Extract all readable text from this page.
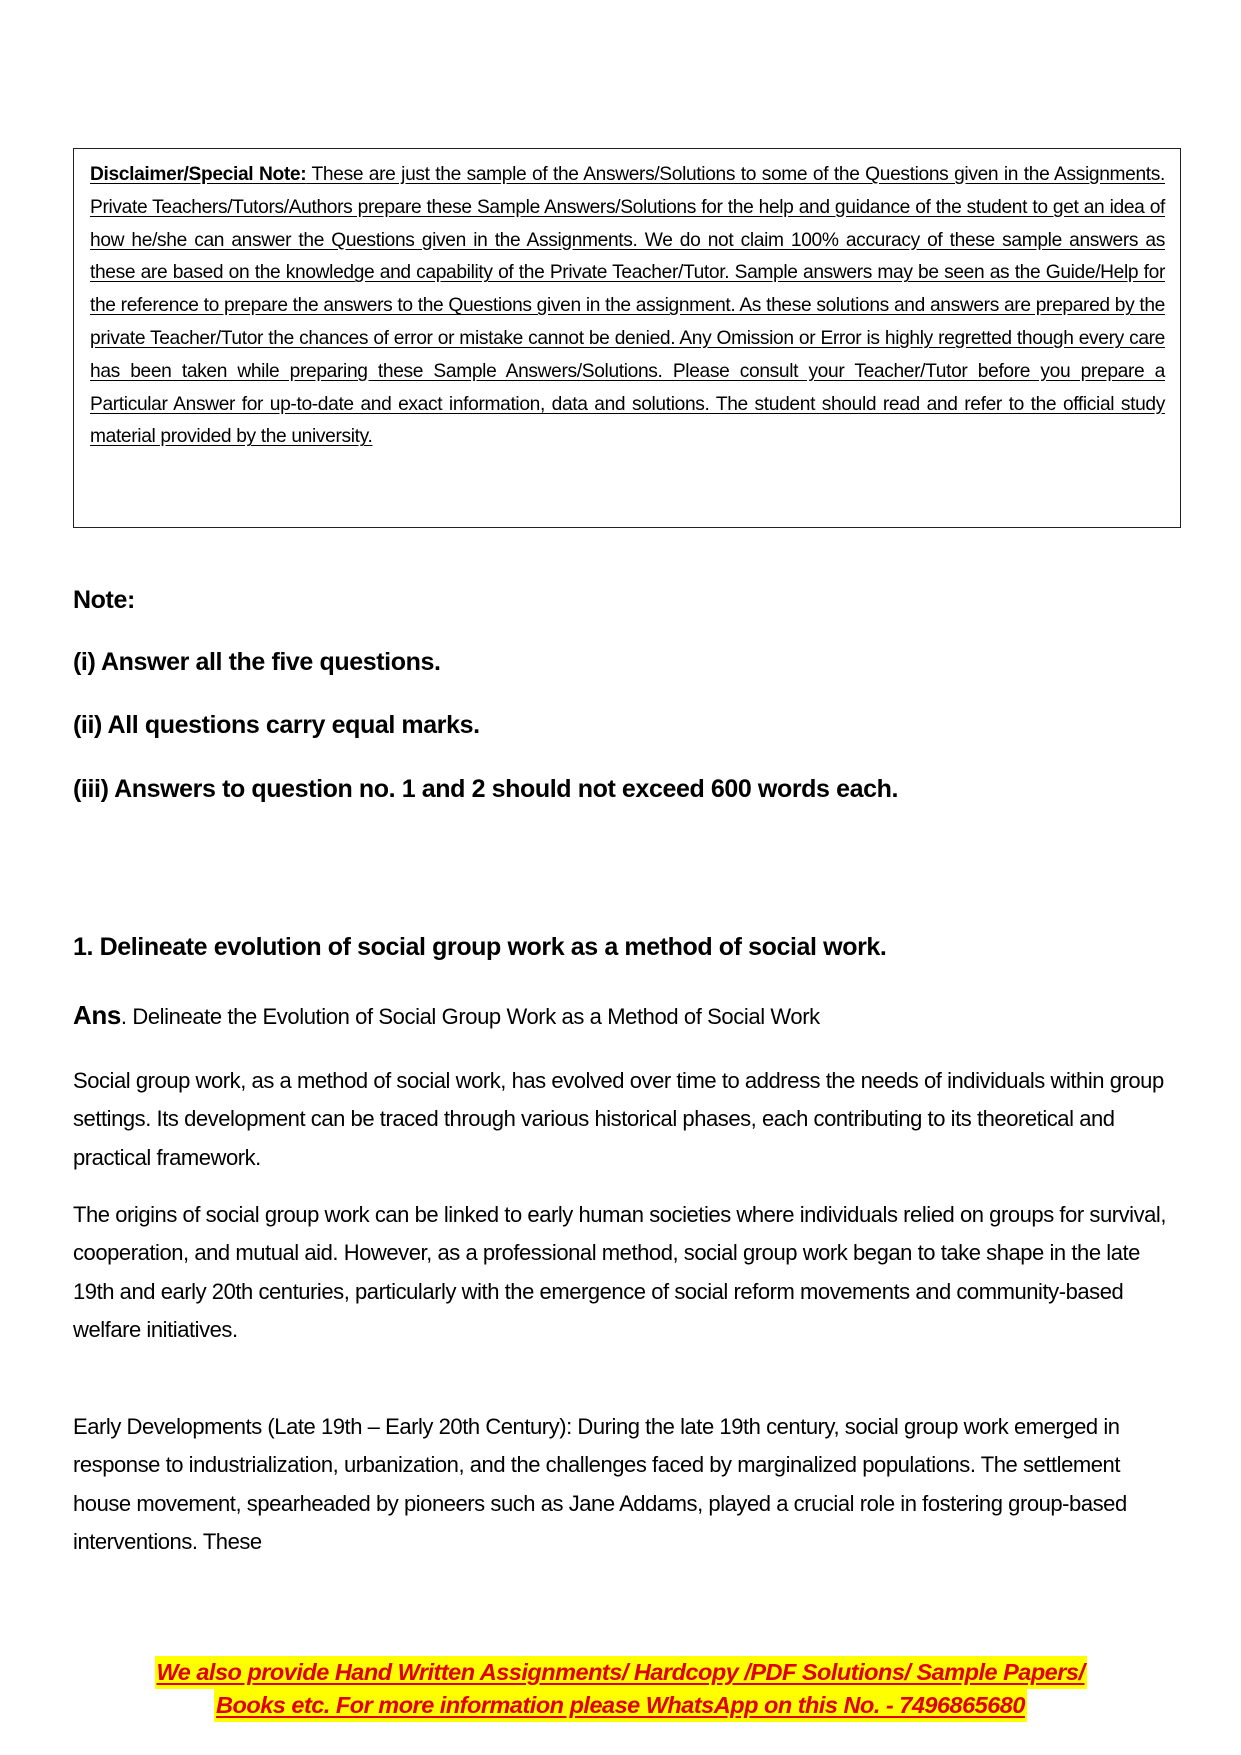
Disclaimer/Special Note: These are just the sample of the Answers/Solutions to some of the Questions given in the Assignments. Private Teachers/Tutors/Authors prepare these Sample Answers/Solutions for the help and guidance of the student to get an idea of how he/she can answer the Questions given in the Assignments. We do not claim 100% accuracy of these sample answers as these are based on the knowledge and capability of the Private Teacher/Tutor. Sample answers may be seen as the Guide/Help for the reference to prepare the answers to the Questions given in the assignment. As these solutions and answers are prepared by the private Teacher/Tutor the chances of error or mistake cannot be denied. Any Omission or Error is highly regretted though every care has been taken while preparing these Sample Answers/Solutions. Please consult your Teacher/Tutor before you prepare a Particular Answer for up-to-date and exact information, data and solutions. The student should read and refer to the official study material provided by the university.

Note:

(i) Answer all the five questions.

(ii) All questions carry equal marks.

(iii) Answers to question no. 1 and 2 should not exceed 600 words each.

1. Delineate evolution of social group work as a method of social work.

Ans. Delineate the Evolution of Social Group Work as a Method of Social Work

Social group work, as a method of social work, has evolved over time to address the needs of individuals within group settings. Its development can be traced through various historical phases, each contributing to its theoretical and practical framework.

The origins of social group work can be linked to early human societies where individuals relied on groups for survival, cooperation, and mutual aid. However, as a professional method, social group work began to take shape in the late 19th and early 20th centuries, particularly with the emergence of social reform movements and community-based welfare initiatives.

Early Developments (Late 19th – Early 20th Century): During the late 19th century, social group work emerged in response to industrialization, urbanization, and the challenges faced by marginalized populations. The settlement house movement, spearheaded by pioneers such as Jane Addams, played a crucial role in fostering group-based interventions. These

We also provide Hand Written Assignments/ Hardcopy /PDF Solutions/ Sample Papers/
Books etc. For more information please WhatsApp on this No. - 7496865680
